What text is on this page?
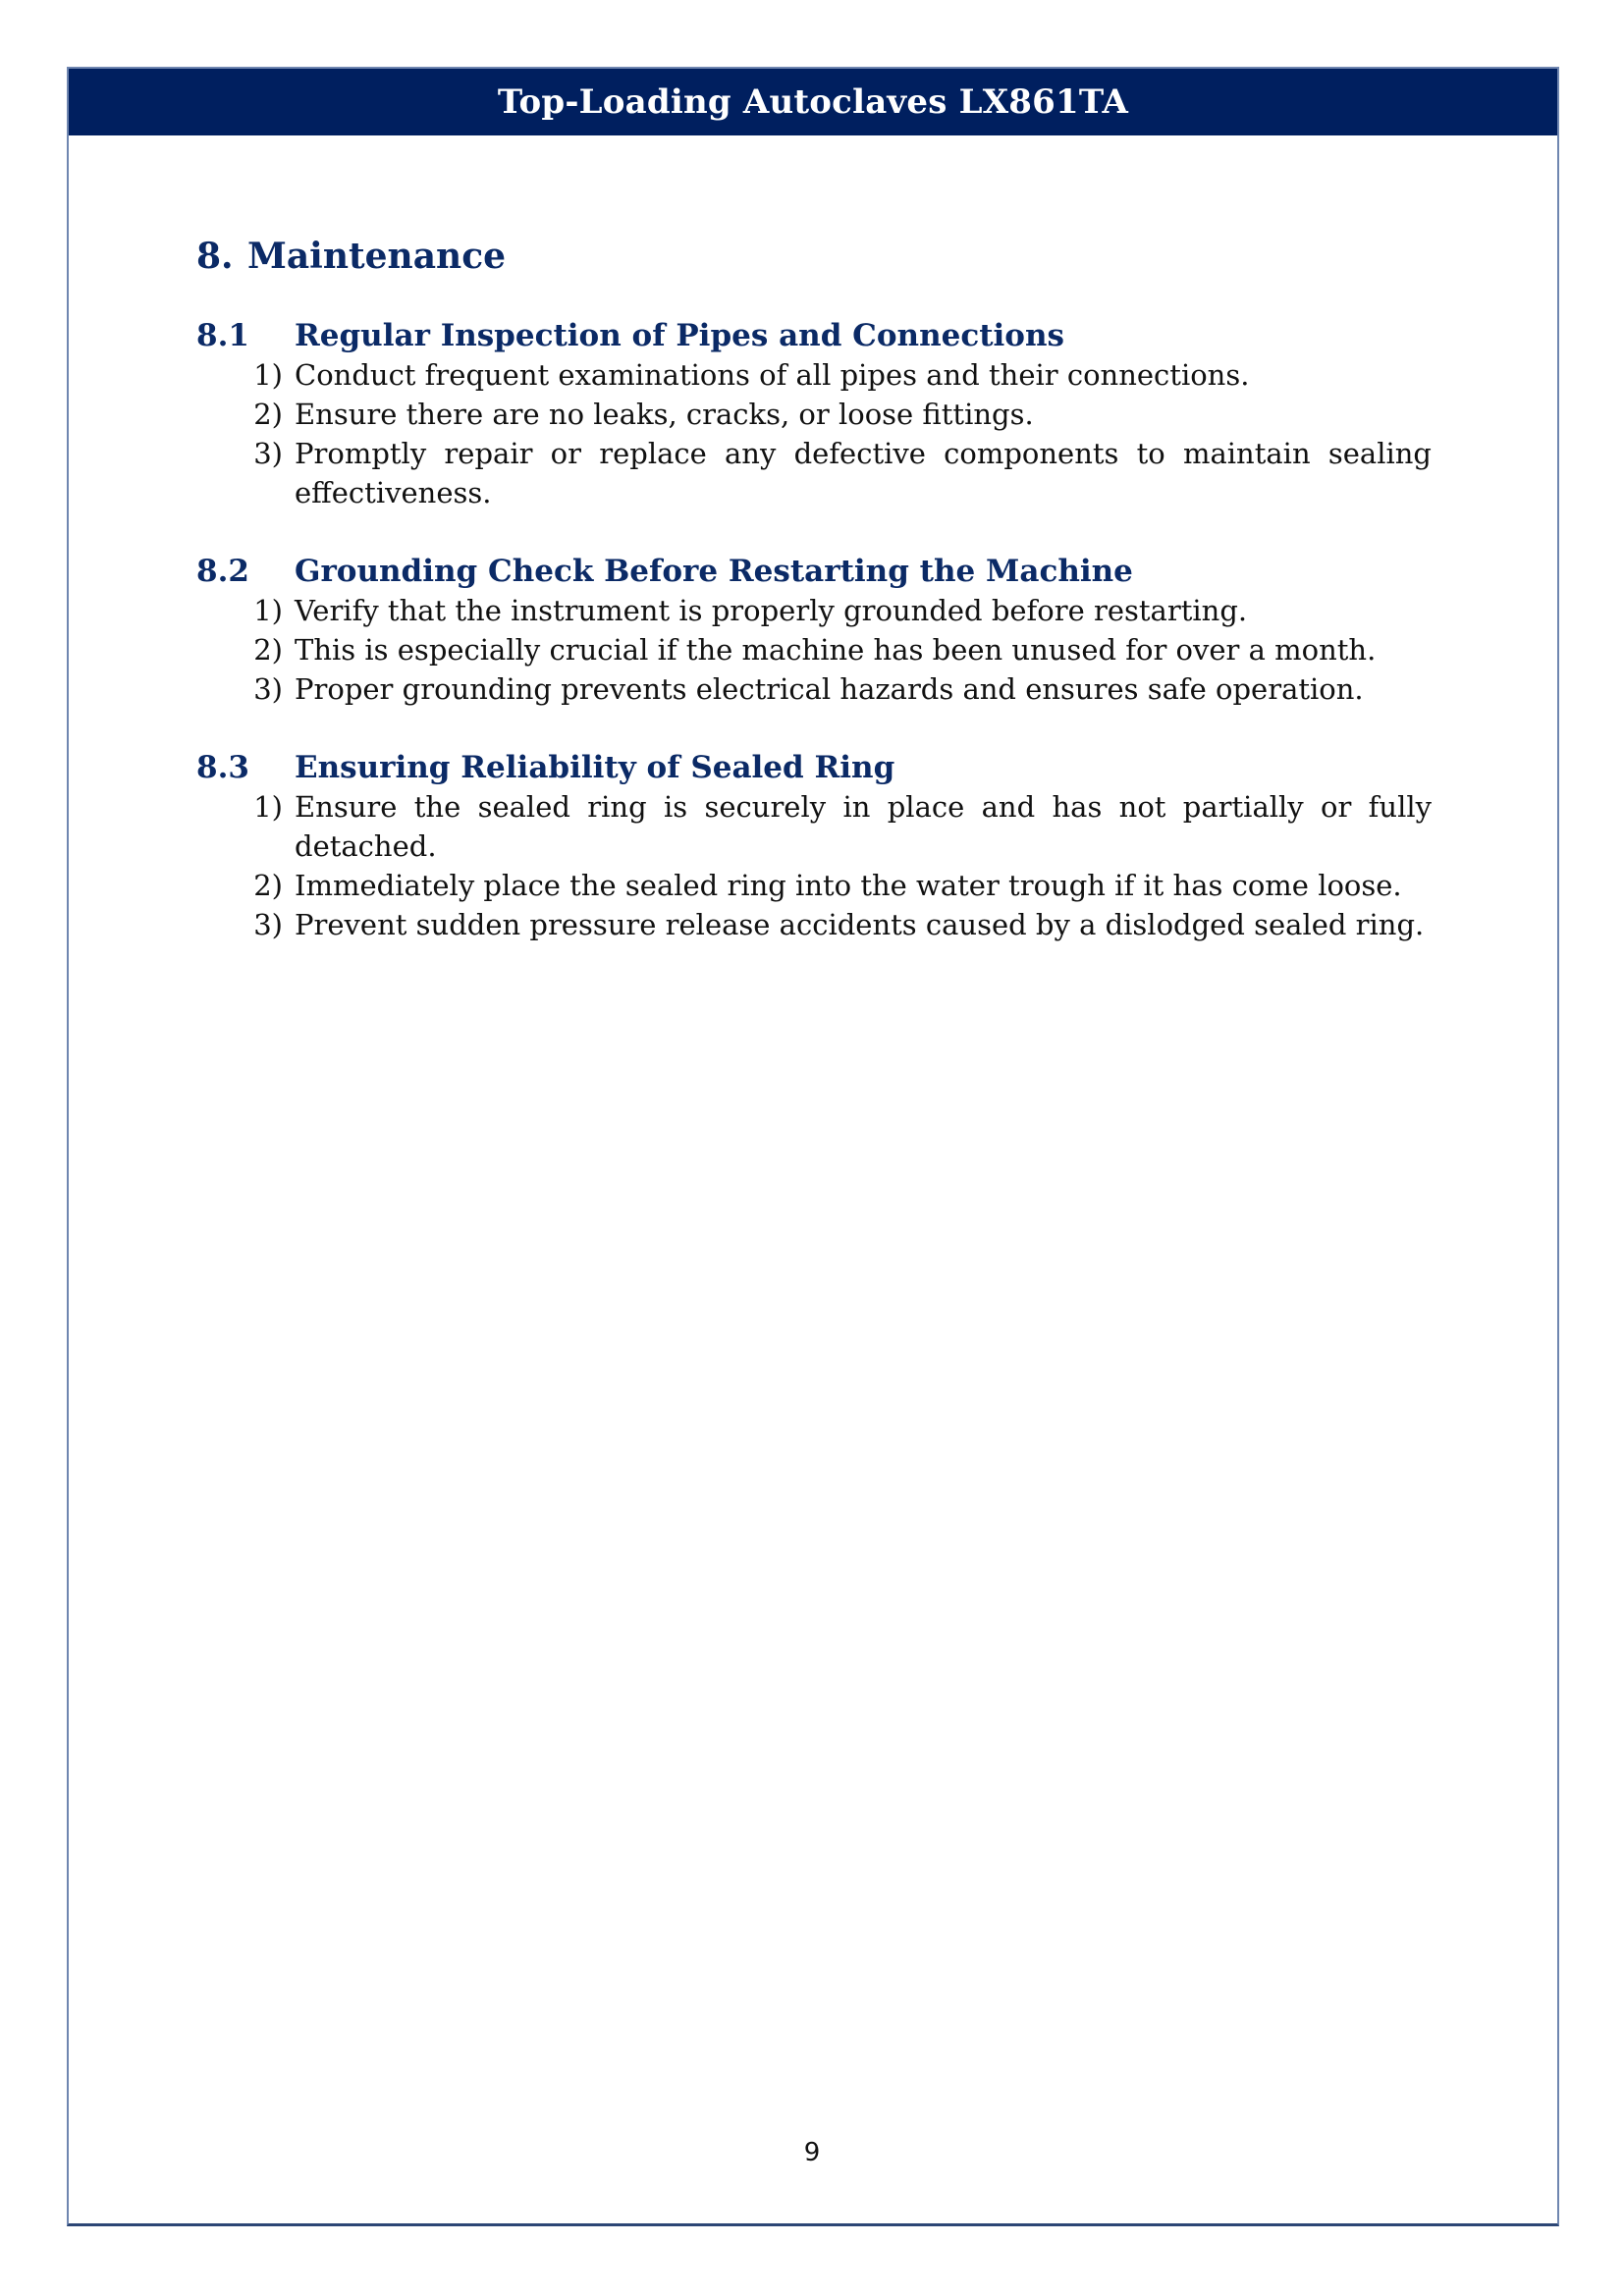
Top-Loading Autoclaves LX861TA
8. Maintenance
8.1	Regular Inspection of Pipes and Connections
1) Conduct frequent examinations of all pipes and their connections.
2) Ensure there are no leaks, cracks, or loose fittings.
3) Promptly repair or replace any defective components to maintain sealing effectiveness.
8.2	Grounding Check Before Restarting the Machine
1) Verify that the instrument is properly grounded before restarting.
2) This is especially crucial if the machine has been unused for over a month.
3) Proper grounding prevents electrical hazards and ensures safe operation.
8.3	Ensuring Reliability of Sealed Ring
1) Ensure the sealed ring is securely in place and has not partially or fully detached.
2) Immediately place the sealed ring into the water trough if it has come loose.
3) Prevent sudden pressure release accidents caused by a dislodged sealed ring.
9
